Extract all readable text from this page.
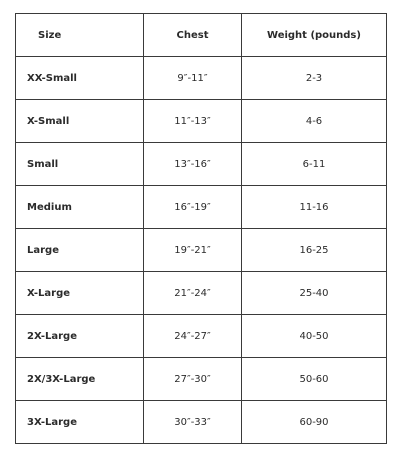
Size	Chest	Weight (pounds)
XX-Small	9″-11″	2-3
X-Small	11″-13″	4-6
Small	13″-16″	6-11
Medium	16″-19″	11-16
Large	19″-21″	16-25
X-Large	21″-24″	25-40
2X-Large	24″-27″	40-50
2X/3X-Large	27″-30″	50-60
3X-Large	30″-33″	60-90
